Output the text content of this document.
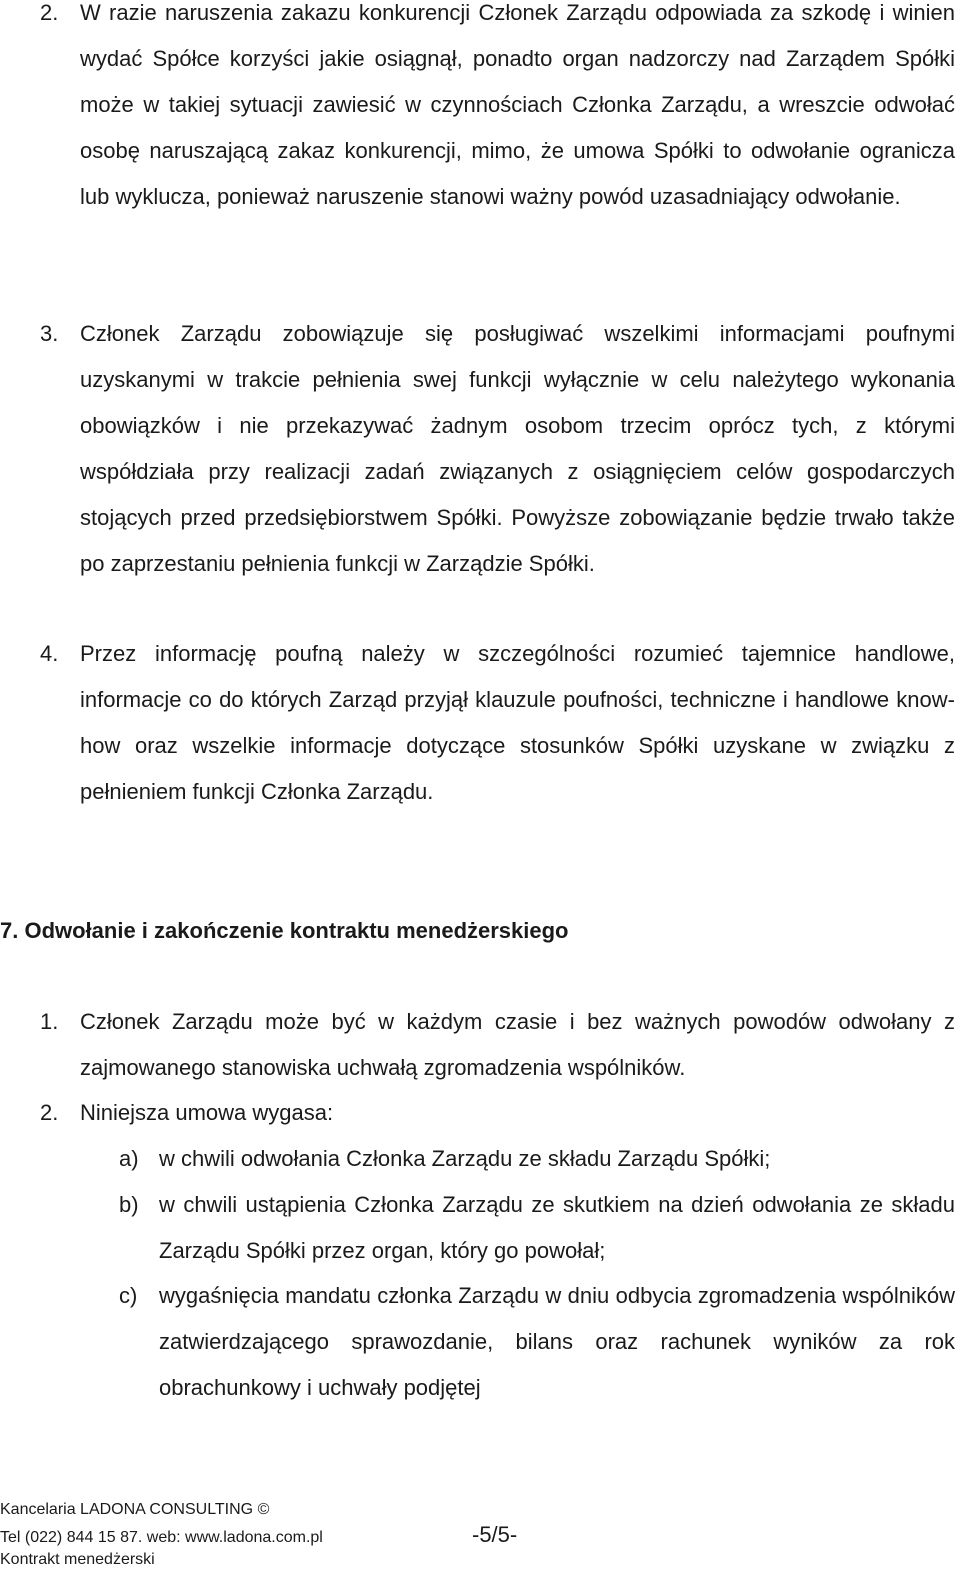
2. W razie naruszenia zakazu konkurencji Członek Zarządu odpowiada za szkodę i winien wydać Spółce korzyści jakie osiągnął, ponadto organ nadzorczy nad Zarządem Spółki może w takiej sytuacji zawiesić w czynnościach Członka Zarządu, a wreszcie odwołać osobę naruszającą zakaz konkurencji, mimo, że umowa Spółki to odwołanie ogranicza lub wyklucza, ponieważ naruszenie stanowi ważny powód uzasadniający odwołanie.
3. Członek Zarządu zobowiązuje się posługiwać wszelkimi informacjami poufnymi uzyskanymi w trakcie pełnienia swej funkcji wyłącznie w celu należytego wykonania obowiązków i nie przekazywać żadnym osobom trzecim oprócz tych, z którymi współdziała przy realizacji zadań związanych z osiągnięciem celów gospodarczych stojących przed przedsiębiorstwem Spółki. Powyższe zobowiązanie będzie trwało także po zaprzestaniu pełnienia funkcji w Zarządzie Spółki.
4. Przez informację poufną należy w szczególności rozumieć tajemnice handlowe, informacje co do których Zarząd przyjął klauzule poufności, techniczne i handlowe know-how oraz wszelkie informacje dotyczące stosunków Spółki uzyskane w związku z pełnieniem funkcji Członka Zarządu.
7. Odwołanie i zakończenie kontraktu menedżerskiego
1. Członek Zarządu może być w każdym czasie i bez ważnych powodów odwołany z zajmowanego stanowiska uchwałą zgromadzenia wspólników.
2. Niniejsza umowa wygasa:
a) w chwili odwołania Członka Zarządu ze składu Zarządu Spółki;
b) w chwili ustąpienia Członka Zarządu ze skutkiem na dzień odwołania ze składu Zarządu Spółki przez organ, który go powołał;
c) wygaśnięcia mandatu członka Zarządu w dniu odbycia zgromadzenia wspólników zatwierdzającego sprawozdanie, bilans oraz rachunek wyników za rok obrachunkowy i uchwały podjętej
Kancelaria LADONA CONSULTING ©
Tel (022) 844 15 87. web: www.ladona.com.pl
Kontrakt menedżerski
-5/5-
